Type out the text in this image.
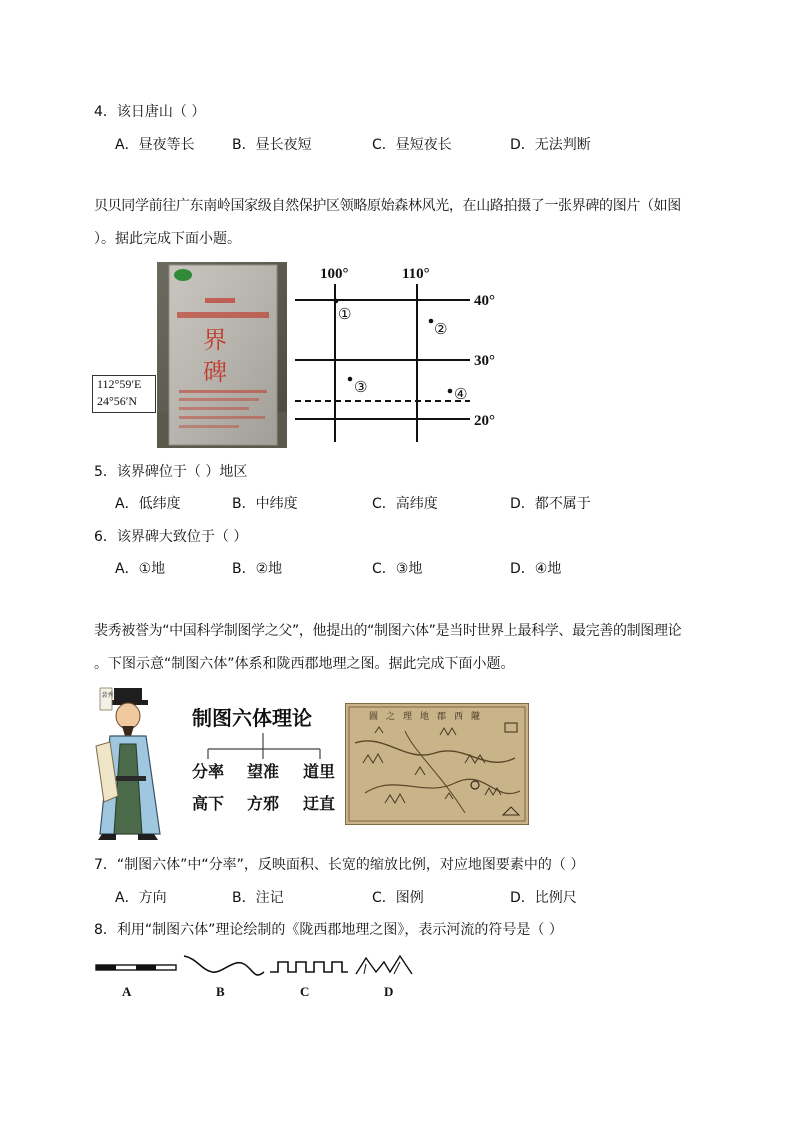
4．该日唐山（ ）
A．昼夜等长	B．昼长夜短	C．昼短夜长	D．无法判断
贝贝同学前往广东南岭国家级自然保护区领略原始森林风光，在山路拍摄了一张界碑的图片（如图
）。据此完成下面小题。
界
碑
112°59′E
24°56′N
100°	110°
40°
30°
20°
①
②
③	④
5．该界碑位于（ ）地区
A．低纬度	B．中纬度	C．高纬度	D．都不属于
6．该界碑大致位于（ ）
A．①地	B．②地	C．③地	D．④地
裴秀被誉为“中国科学制图学之父”，他提出的“制图六体”是当时世界上最科学、最完善的制图理论
。下图示意“制图六体”体系和陇西郡地理之图。据此完成下面小题。
裴秀
制图六体理论
分率 望准 道里
高下 方邪 迂直
圖之理地郡西隴
7．“制图六体”中“分率”，反映面积、长宽的缩放比例，对应地图要素中的（ ）
A．方向	B．注记	C．图例	D．比例尺
8．利用“制图六体”理论绘制的《陇西郡地理之图》，表示河流的符号是（ ）
A	B	C	D
